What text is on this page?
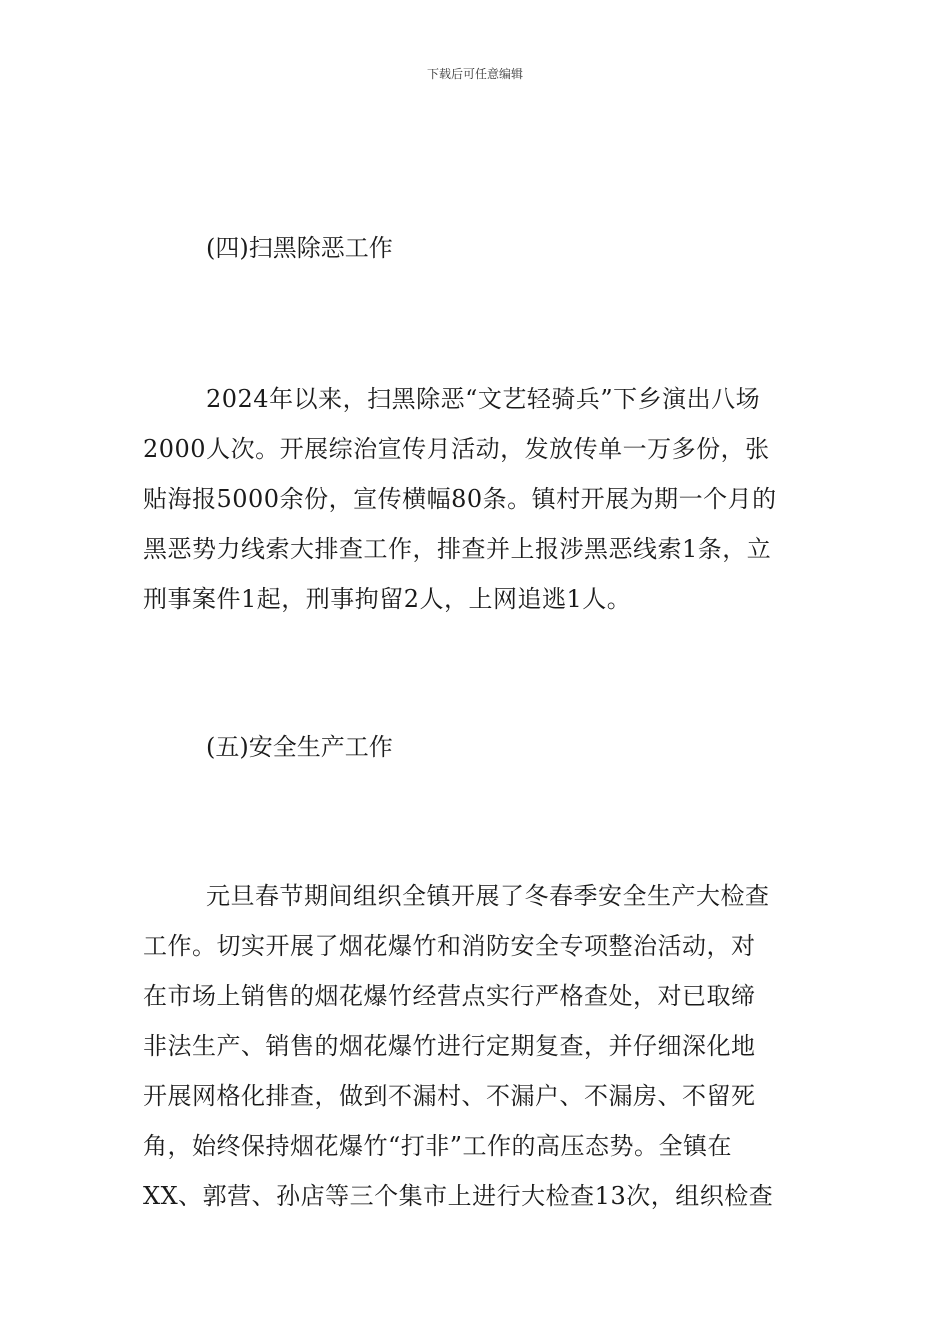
下载后可任意编辑
(四)扫黑除恶工作
2024年以来，扫黑除恶“文艺轻骑兵”下乡演出八场
2000人次。开展综治宣传月活动，发放传单一万多份，张
贴海报5000余份，宣传横幅80条。镇村开展为期一个月的
黑恶势力线索大排查工作，排查并上报涉黑恶线索1条，立
刑事案件1起，刑事拘留2人，上网追逃1人。
(五)安全生产工作
元旦春节期间组织全镇开展了冬春季安全生产大检查
工作。切实开展了烟花爆竹和消防安全专项整治活动，对
在市场上销售的烟花爆竹经营点实行严格查处，对已取缔
非法生产、销售的烟花爆竹进行定期复查，并仔细深化地
开展网格化排查，做到不漏村、不漏户、不漏房、不留死
角，始终保持烟花爆竹“打非”工作的高压态势。全镇在
XX、郭营、孙店等三个集市上进行大检查13次，组织检查
